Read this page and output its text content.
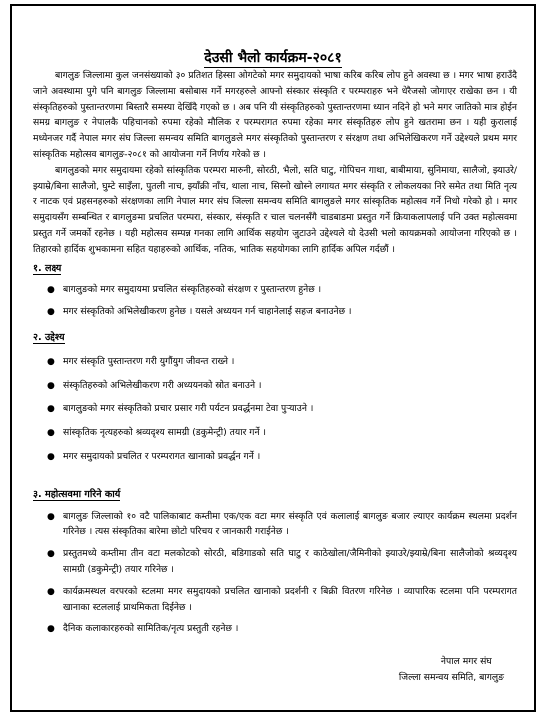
देउसी भैलो कार्यक्रम-२०८१

बागलुङ जिल्लामा कुल जनसंख्याको ३० प्रतिशत हिस्सा ओगटेको मगर समुदायको भाषा करिब करिब लोप हुने अवस्था छ । मगर भाषा हराउँदै जाने अवस्थामा पुगे पनि बागलुङ जिल्लामा बसोबास गर्ने मगरहरुले आफ्नो संस्कार संस्कृति र परम्पराहरु भने धेरैजसो जोगाएर राखेका छन । यी संस्कृतिहरुको पुस्तान्तरणमा बिस्तारै समस्या देखिँदै गएको छ । अब पनि यी संस्कृतिहरुको पुस्तान्तरणमा ध्यान नदिने हो भने मगर जातिको मात्र होईन समग्र बागलुङ र नेपालकै पहिचानको रुपमा रहेको मौलिक र परम्परागत रुपमा रहेका मगर संस्कृतिहरु लोप हुने खतरामा छन । यही कुरालाई मध्येनजर गर्दै नेपाल मगर संघ जिल्ला समन्वय समिति बागलुङले मगर संस्कृतिको पुस्तान्तरण र संरक्षण तथा अभिलेखिकरण गर्ने उद्देश्यले प्रथम मगर सांस्कृतिक महोत्सव बागलुङ-२०८१ को आयोजना गर्ने निर्णय गरेको छ ।

बागलुङको मगर समुदायमा रहेको सांस्कृतिक परम्परा मारुनी, सोरठी, भैलो, सति घाटु, गोपिचन गाथा, बाबीमाया, सुनिमाया, सालैजो, झ्याउरे/झ्याम्रे/बिना सालैजो, घुम्टे साइँला, पुतली नाच, झ्याँक्री नाँच, थाला नाच, सिस्नो खोस्ने लगायत मगर संस्कृति र लोकलयका निरे समेत तथा मिति नृत्य र नाटक एवं प्रहसनहरुको संरक्षणका लागि नेपाल मगर संघ जिल्ला समन्वय समिति बागलुङले मगर सांस्कृतिक महोत्सव गर्ने निधो गरेको हो । मगर समुदायसँग सम्बन्धित र बागलुङमा प्रचलित परम्परा, संस्कार, संस्कृति र चाल चलनसँगै चाडबाडमा प्रस्तुत गर्ने क्रियाकलापलाई पनि उक्त महोत्सवमा प्रस्तुत गर्ने जमर्को रहनेछ । यही महोत्सव सम्पन्न गनका लागि आर्थिक सहयोग जुटाउने उद्देश्यले यो देउसी भलो कायक्रमको आयोजना गरिएको छ । तिहारको हार्दिक शुभकामना सहित यहाहरुको आर्थिक, नतिक, भातिक सहयोगका लागि हार्दिक अपिल गर्दछौं ।

१. लक्ष्य
● बागलुङको मगर समुदायमा प्रचलित संस्कृतिहरुको संरक्षण र पुस्तान्तरण हुनेछ ।
● मगर संस्कृतिको अभिलेखीकरण हुनेछ । यसले अध्ययन गर्न चाहानेलाई सहज बनाउनेछ ।
२. उद्देश्य
● मगर संस्कृति पुस्तान्तरण गरी युगौंयुग जीवन्त राख्ने ।
● संस्कृतिहरुको अभिलेखीकरण गरी अध्ययनको स्रोत बनाउने ।
● बागलुङको मगर संस्कृतिको प्रचार प्रसार गरी पर्यटन प्रवर्द्धनमा टेवा पुऱ्याउने ।
● सांस्कृतिक नृत्यहरुको श्रव्यदृश्य सामग्री (डकुमेन्ट्री) तयार गर्ने ।
● मगर समुदायको प्रचलित र परम्परागत खानाको प्रवर्द्धन गर्ने ।
३. महोत्सवमा गरिने कार्य
● बागलुङ जिल्लाको १० वटै पालिकाबाट कम्तीमा एक/एक वटा मगर संस्कृति एवं कलालाई बागलुङ बजार ल्याएर कार्यक्रम स्थलमा प्रदर्शन गरिनेछ । त्यस संस्कृतिका बारेमा छोटो परिचय र जानकारी गराईनेछ ।
● प्रस्तुतमध्ये कम्तीमा तीन वटा मलकोटको सोरठी, बडिगाडको सति घाटु र काठेखोला/जैमिनीको झ्याउरे/झ्याम्रे/बिना सालैजोको श्रव्यदृश्य सामग्री (डकुमेन्ट्री) तयार गरिनेछ ।
● कार्यक्रमस्थल वरपरको स्टलमा मगर समुदायको प्रचलित खानाको प्रदर्शनी र बिक्री वितरण गरिनेछ । व्यापारिक स्टलमा पनि परम्परागत खानाका स्टललाई प्राथमिकता दिईनेछ ।
● दैनिक कलाकारहरुको सामितिक/नृत्य प्रस्तुती रहनेछ ।
नेपाल मगर संघ
जिल्ला समन्वय समिति, बागलुङ
